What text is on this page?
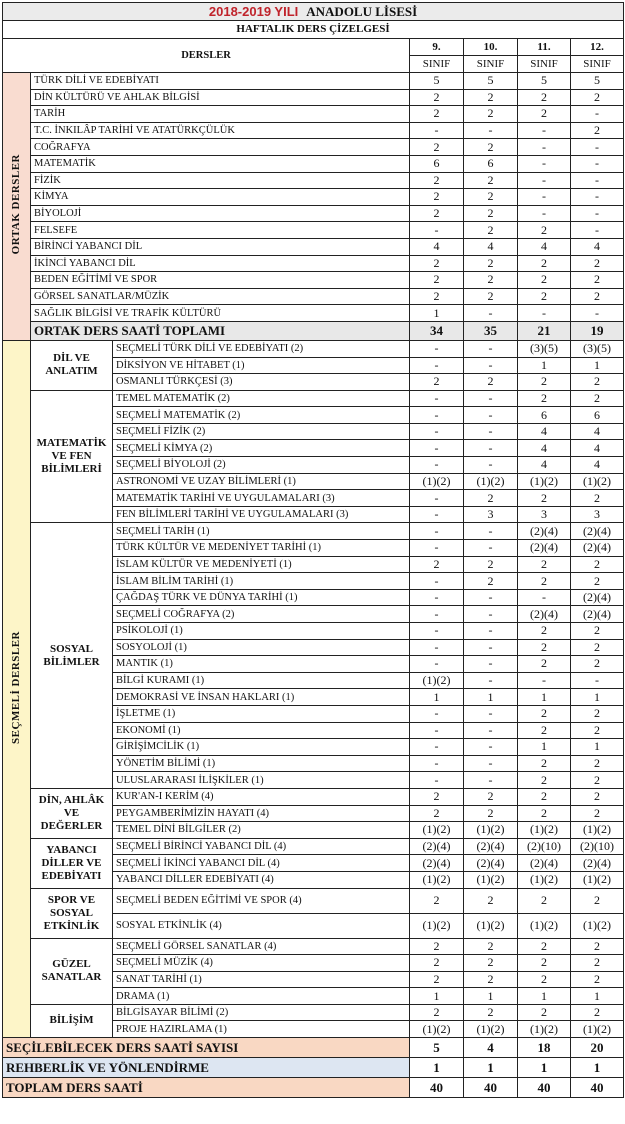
2018-2019 YILI ANADOLU LİSESİ						
HAFTALIK DERS ÇİZELGESİ						
DERSLER			9.	10.	11.	12.
			SINIF	SINIF	SINIF	SINIF
ORTAK DERSLER	TÜRK DİLİ VE EDEBİYATI		5	5	5	5
	DİN KÜLTÜRÜ VE AHLAK BİLGİSİ		2	2	2	2
	TARİH		2	2	2	-
	T.C. İNKILÂP TARİHİ VE ATATÜRKÇÜLÜK		-	-	-	2
	COĞRAFYA		2	2	-	-
	MATEMATİK		6	6	-	-
	FİZİK		2	2	-	-
	KİMYA		2	2	-	-
	BİYOLOJİ		2	2	-	-
	FELSEFE		-	2	2	-
	BİRİNCİ YABANCI DİL		4	4	4	4
	İKİNCİ YABANCI DİL		2	2	2	2
	BEDEN EĞİTİMİ VE SPOR		2	2	2	2
	GÖRSEL SANATLAR/MÜZİK		2	2	2	2
	SAĞLIK BİLGİSİ VE TRAFİK KÜLTÜRÜ		1	-	-	-
	ORTAK DERS SAATİ TOPLAMI		34	35	21	19
SEÇMELİ DERSLER	DİL VE ANLATIM	SEÇMELİ TÜRK DİLİ VE EDEBİYATI (2)	-	-	(3)(5)	(3)(5)
		DİKSİYON VE HİTABET (1)	-	-	1	1
		OSMANLI TÜRKÇESİ (3)	2	2	2	2
	MATEMATİK VE FEN BİLİMLERİ	TEMEL MATEMATİK (2)	-	-	2	2
		SEÇMELİ MATEMATİK (2)	-	-	6	6
		SEÇMELİ FİZİK (2)	-	-	4	4
		SEÇMELİ KİMYA (2)	-	-	4	4
		SEÇMELİ BİYOLOJİ (2)	-	-	4	4
		ASTRONOMİ VE UZAY BİLİMLERİ (1)	(1)(2)	(1)(2)	(1)(2)	(1)(2)
		MATEMATİK TARİHİ VE UYGULAMALARI (3)	-	2	2	2
		FEN BİLİMLERİ TARİHİ VE UYGULAMALARI (3)	-	3	3	3
	SOSYAL BİLİMLER	SEÇMELİ TARİH (1)	-	-	(2)(4)	(2)(4)
		TÜRK KÜLTÜR VE MEDENİYET TARİHİ (1)	-	-	(2)(4)	(2)(4)
		İSLAM KÜLTÜR VE MEDENİYETİ (1)	2	2	2	2
		İSLAM BİLİM TARİHİ (1)	-	2	2	2
		ÇAĞDAŞ TÜRK VE DÜNYA TARİHİ (1)	-	-	-	(2)(4)
		SEÇMELİ COĞRAFYA (2)	-	-	(2)(4)	(2)(4)
		PSİKOLOJİ (1)	-	-	2	2
		SOSYOLOJİ (1)	-	-	2	2
		MANTIK (1)	-	-	2	2
		BİLGİ KURAMI (1)	(1)(2)	-	-	-
		DEMOKRASİ VE İNSAN HAKLARI (1)	1	1	1	1
		İŞLETME (1)	-	-	2	2
		EKONOMİ (1)	-	-	2	2
		GİRİŞİMCİLİK (1)	-	-	1	1
		YÖNETİM BİLİMİ (1)	-	-	2	2
		ULUSLARARASI İLİŞKİLER (1)	-	-	2	2
	DİN, AHLÂK VE DEĞERLER	KUR'AN-I KERİM (4)	2	2	2	2
		PEYGAMBERİMİZİN HAYATI (4)	2	2	2	2
		TEMEL DİNİ BİLGİLER (2)	(1)(2)	(1)(2)	(1)(2)	(1)(2)
	YABANCI DİLLER VE EDEBİYATI	SEÇMELİ BİRİNCİ YABANCI DİL (4)	(2)(4)	(2)(4)	(2)(10)	(2)(10)
		SEÇMELİ İKİNCİ YABANCI DİL (4)	(2)(4)	(2)(4)	(2)(4)	(2)(4)
		YABANCI DİLLER EDEBİYATI (4)	(1)(2)	(1)(2)	(1)(2)	(1)(2)
	SPOR VE SOSYAL ETKİNLİK	SEÇMELİ BEDEN EĞİTİMİ VE SPOR (4)	2	2	2	2
		SOSYAL ETKİNLİK (4)	(1)(2)	(1)(2)	(1)(2)	(1)(2)
	GÜZEL SANATLAR	SEÇMELİ GÖRSEL SANATLAR (4)	2	2	2	2
		SEÇMELİ MÜZİK (4)	2	2	2	2
		SANAT TARİHİ (1)	2	2	2	2
		DRAMA (1)	1	1	1	1
	BİLİŞİM	BİLGİSAYAR BİLİMİ (2)	2	2	2	2
		PROJE HAZIRLAMA (1)	(1)(2)	(1)(2)	(1)(2)	(1)(2)
SEÇİLEBİLECEK DERS SAATİ SAYISI			5	4	18	20
REHBERLİK VE YÖNLENDİRME			1	1	1	1
TOPLAM DERS SAATİ			40	40	40	40
